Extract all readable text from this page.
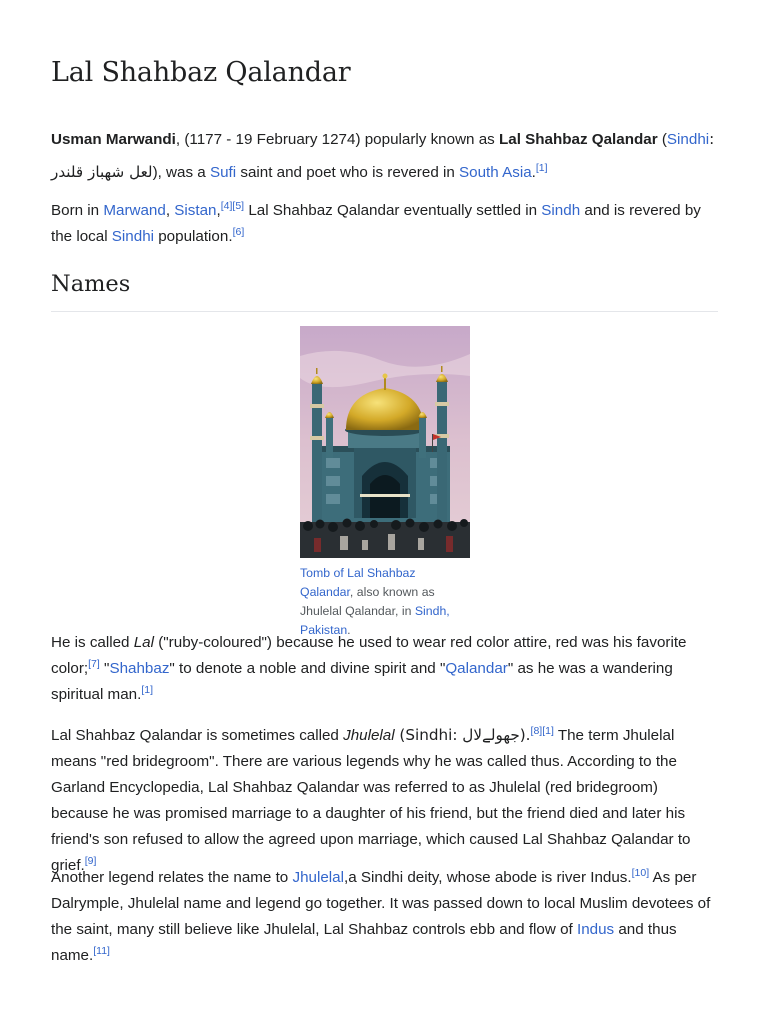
Lal Shahbaz Qalandar

Usman Marwandi, (1177 - 19 February 1274) popularly known as Lal Shahbaz Qalandar (Sindhi: لعل شهباز قلندر), was a Sufi saint and poet who is revered in South Asia.[1]

Born in Marwand, Sistan,[4][5] Lal Shahbaz Qalandar eventually settled in Sindh and is revered by the local Sindhi population.[6]

Names
Tomb of Lal Shahbaz Qalandar, also known as Jhulelal Qalandar, in Sindh, Pakistan.

He is called Lal ("ruby-coloured") because he used to wear red color attire, red was his favorite color;[7] "Shahbaz" to denote a noble and divine spirit and "Qalandar" as he was a wandering spiritual man.[1]

Lal Shahbaz Qalandar is sometimes called Jhulelal (Sindhi: جهولےلال).[8][1] The term Jhulelal means "red bridegroom". There are various legends why he was called thus. According to the Garland Encyclopedia, Lal Shahbaz Qalandar was referred to as Jhulelal (red bridegroom) because he was promised marriage to a daughter of his friend, but the friend died and later his friend's son refused to allow the agreed upon marriage, which caused Lal Shahbaz Qalandar to grief.[9]

Another legend relates the name to Jhulelal,a Sindhi deity, whose abode is river Indus.[10] As per Dalrymple, Jhulelal name and legend go together. It was passed down to local Muslim devotees of the saint, many still believe like Jhulelal, Lal Shahbaz controls ebb and flow of Indus and thus name.[11]
